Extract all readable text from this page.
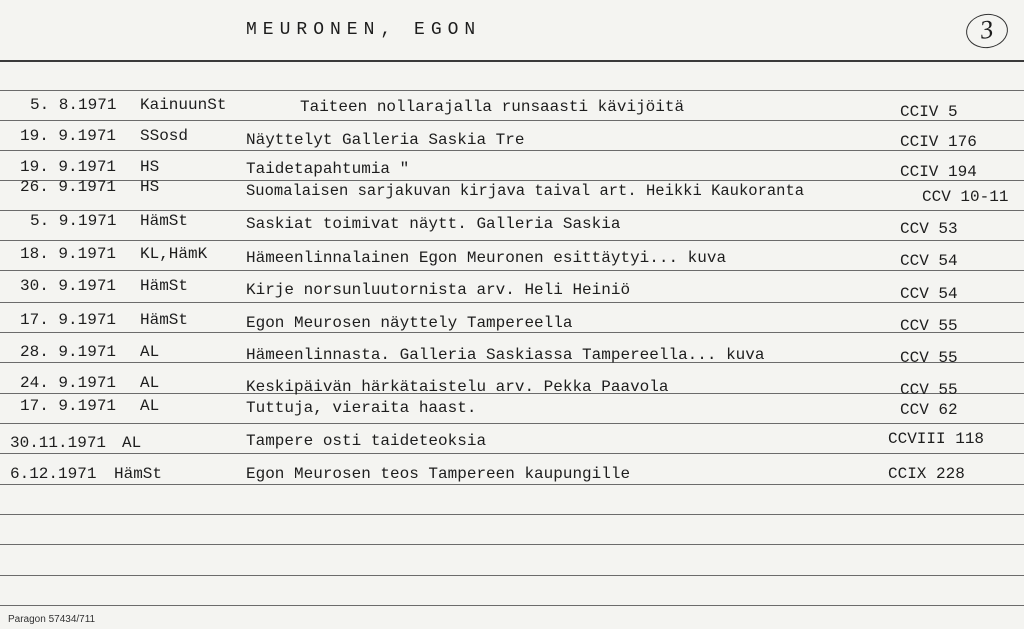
MEURONEN, EGON	3
5. 8.1971 KainuunSt	Taiteen nollarajalla runsaasti kävijöitä	CCIV 5
19. 9.1971 SSosd	Näyttelyt Galleria Saskia Tre	CCIV 176
19. 9.1971 HS	Taidetapahtumia "	CCIV 194
26. 9.1971 HS	Suomalaisen sarjakuvan kirjava taival art. Heikki Kaukoranta	CCV 10-11
5. 9.1971 HämSt	Saskiat toimivat näytt. Galleria Saskia	CCV 53
18. 9.1971 KL,HämK Hämeenlinnalainen Egon Meuronen esittäytyi... kuva	CCV 54
30. 9.1971 HämSt	Kirje norsunluutornista arv. Heli Heiniö	CCV 54
17. 9.1971 HämSt	Egon Meurosen näyttely Tampereella	CCV 55
28. 9.1971 AL	Hämeenlinnasta. Galleria Saskiassa Tampereella... kuva	CCV 55
24. 9.1971 AL	Keskipäivän härkätaistelu arv. Pekka Paavola	CCV 55
17. 9.1971 AL	Tuttuja, vieraita haast.	CCV 62
30.11.1971 AL	Tampere osti taideteoksia	CCVIII 118
6.12.1971 HämSt	Egon Meurosen teos Tampereen kaupungille	CCIX 228
Paragon 57434/711
